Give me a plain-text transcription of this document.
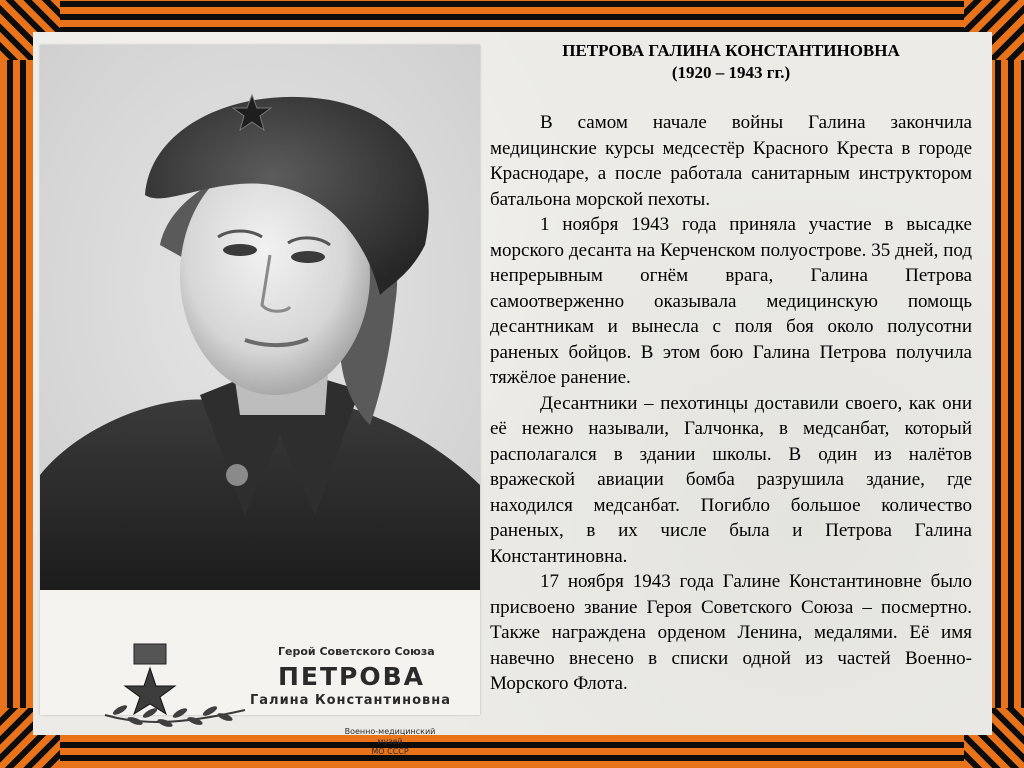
Герой Советского Союза
ПЕТРОВА
Галина Константиновна
Военно-медицинский музей
МО СССР

ПЕТРОВА ГАЛИНА КОНСТАНТИНОВНА

(1920 – 1943 гг.)

В самом начале войны Галина закончила медицинские курсы медсестёр Красного Креста в городе Краснодаре, а после работала санитарным инструктором батальона морской пехоты.

1 ноября 1943 года приняла участие в высадке морского десанта на Керченском полуострове. 35 дней, под непрерывным огнём врага, Галина Петрова самоотверженно оказывала медицинскую помощь десантникам и вынесла с поля боя около полусотни раненых бойцов. В этом бою Галина Петрова получила тяжёлое ранение.

Десантники – пехотинцы доставили своего, как они её нежно называли, Галчонка, в медсанбат, который располагался в здании школы. В один из налётов вражеской авиации бомба разрушила здание, где находился медсанбат. Погибло большое количество раненых, в их числе была и Петрова Галина Константиновна.

17 ноября 1943 года Галине Константиновне было присвоено звание Героя Советского Союза – посмертно. Также награждена орденом Ленина, медалями. Её имя навечно внесено в списки одной из частей Военно-Морского Флота.
